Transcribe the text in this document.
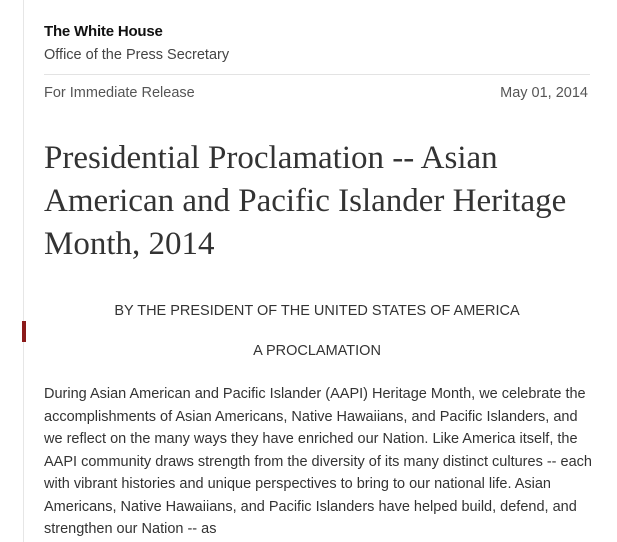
The White House
Office of the Press Secretary
For Immediate Release	May 01, 2014
Presidential Proclamation -- Asian American and Pacific Islander Heritage Month, 2014

BY THE PRESIDENT OF THE UNITED STATES OF AMERICA

A PROCLAMATION

During Asian American and Pacific Islander (AAPI) Heritage Month, we celebrate the accomplishments of Asian Americans, Native Hawaiians, and Pacific Islanders, and we reflect on the many ways they have enriched our Nation. Like America itself, the AAPI community draws strength from the diversity of its many distinct cultures -- each with vibrant histories and unique perspectives to bring to our national life. Asian Americans, Native Hawaiians, and Pacific Islanders have helped build, defend, and strengthen our Nation -- as
